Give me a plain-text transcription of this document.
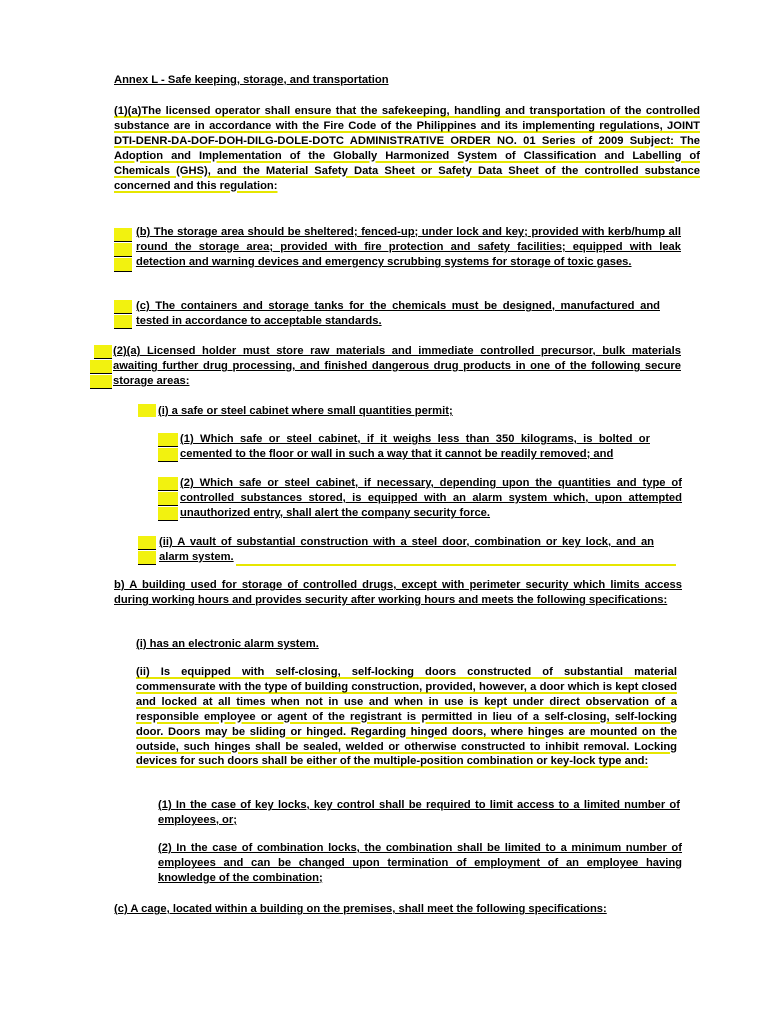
Annex L - Safe keeping, storage, and transportation

(1)(a)The licensed operator shall ensure that the safekeeping, handling and transportation of the controlled substance are in accordance with the Fire Code of the Philippines and its implementing regulations, JOINT DTI-DENR-DA-DOF-DOH-DILG-DOLE-DOTC ADMINISTRATIVE ORDER NO. 01 Series of 2009 Subject: The Adoption and Implementation of the Globally Harmonized System of Classification and Labelling of Chemicals (GHS), and the Material Safety Data Sheet or Safety Data Sheet of the controlled substance concerned and this regulation:

(b) The storage area should be sheltered; fenced-up; under lock and key; provided with kerb/hump all round the storage area; provided with fire protection and safety facilities; equipped with leak detection and warning devices and emergency scrubbing systems for storage of toxic gases.

(c) The containers and storage tanks for the chemicals must be designed, manufactured and tested in accordance to acceptable standards.

(2)(a) Licensed holder must store raw materials and immediate controlled precursor, bulk materials awaiting further drug processing, and finished dangerous drug products in one of the following secure storage areas:

(i) a safe or steel cabinet where small quantities permit;

(1) Which safe or steel cabinet, if it weighs less than 350 kilograms, is bolted or cemented to the floor or wall in such a way that it cannot be readily removed; and

(2) Which safe or steel cabinet, if necessary, depending upon the quantities and type of controlled substances stored, is equipped with an alarm system which, upon attempted unauthorized entry, shall alert the company security force.

(ii) A vault of substantial construction with a steel door, combination or key lock, and an alarm system.

b) A building used for storage of controlled drugs, except with perimeter security which limits access during working hours and provides security after working hours and meets the following specifications:

(i) has an electronic alarm system.

(ii) Is equipped with self-closing, self-locking doors constructed of substantial material commensurate with the type of building construction, provided, however, a door which is kept closed and locked at all times when not in use and when in use is kept under direct observation of a responsible employee or agent of the registrant is permitted in lieu of a self-closing, self-locking door. Doors may be sliding or hinged. Regarding hinged doors, where hinges are mounted on the outside, such hinges shall be sealed, welded or otherwise constructed to inhibit removal. Locking devices for such doors shall be either of the multiple-position combination or key-lock type and:

(1) In the case of key locks, key control shall be required to limit access to a limited number of employees, or;

(2) In the case of combination locks, the combination shall be limited to a minimum number of employees and can be changed upon termination of employment of an employee having knowledge of the combination;

(c) A cage, located within a building on the premises, shall meet the following specifications:
